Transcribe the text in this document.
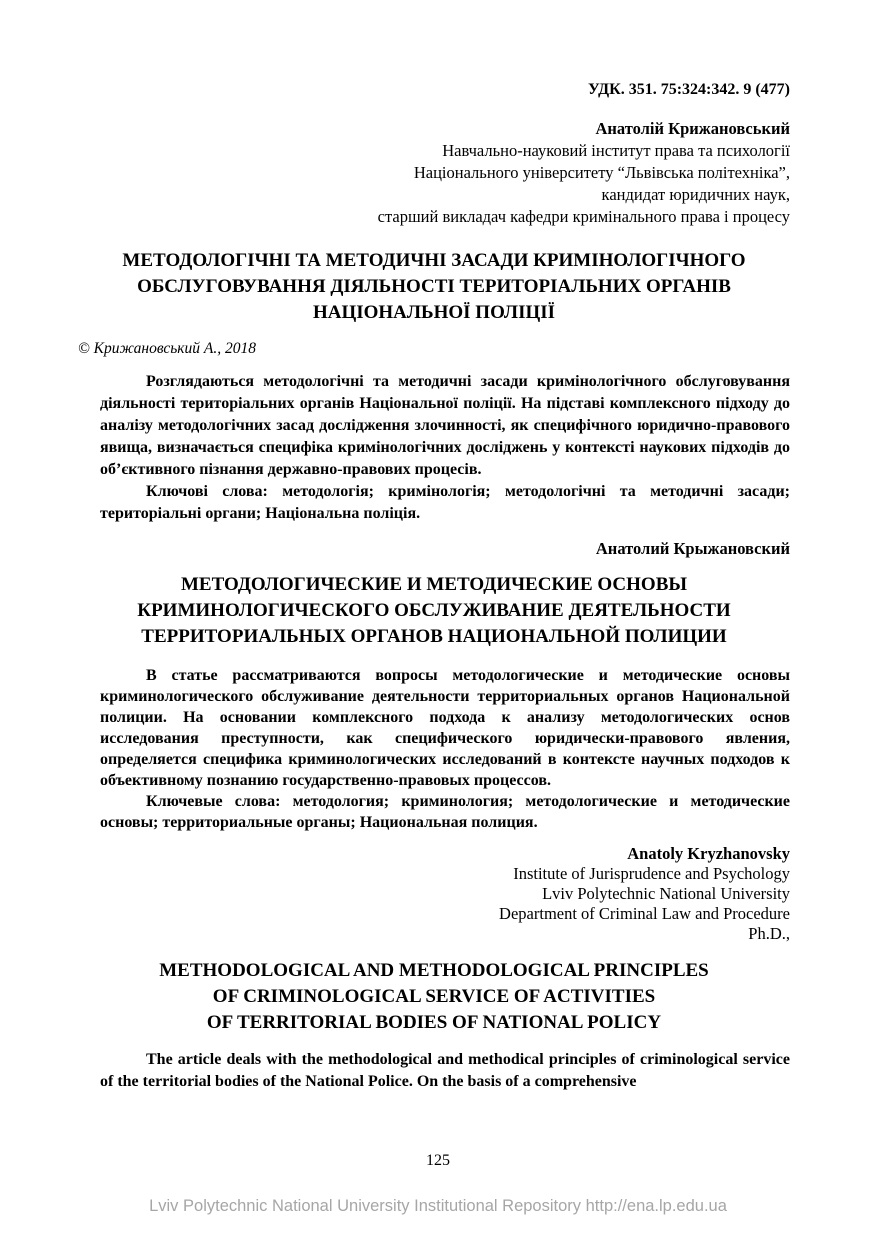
УДК. 351. 75:324:342. 9 (477)

Анатолій Крижановський
Навчально-науковий інститут права та психології
Національного університету “Львівська політехніка”,
кандидат юридичних наук,
старший викладач кафедри кримінального права і процесу
МЕТОДОЛОГІЧНІ ТА МЕТОДИЧНІ ЗАСАДИ КРИМІНОЛОГІЧНОГО
ОБСЛУГОВУВАННЯ ДІЯЛЬНОСТІ ТЕРИТОРІАЛЬНИХ ОРГАНІВ
НАЦІОНАЛЬНОЇ ПОЛІЦІЇ

© Крижановський А., 2018

Розглядаються методологічні та методичні засади кримінологічного обслуговування діяльності територіальних органів Національної поліції. На підставі комплексного підходу до аналізу методологічних засад дослідження злочинності, як специфічного юридично-правового явища, визначається специфіка кримінологічних досліджень у контексті наукових підходів до об’єктивного пізнання державно-правових процесів.

Ключові слова: методологія; кримінологія; методологічні та методичні засади; територіальні органи; Національна поліція.

Анатолий Крыжановский

МЕТОДОЛОГИЧЕСКИЕ И МЕТОДИЧЕСКИЕ ОСНОВЫ
КРИМИНОЛОГИЧЕСКОГО ОБСЛУЖИВАНИЕ ДЕЯТЕЛЬНОСТИ
ТЕРРИТОРИАЛЬНЫХ ОРГАНОВ НАЦИОНАЛЬНОЙ ПОЛИЦИИ

В статье рассматриваются вопросы методологические и методические основы криминологического обслуживание деятельности территориальных органов Национальной полиции. На основании комплексного подхода к анализу методологических основ исследования преступности, как специфического юридически-правового явления, определяется специфика криминологических исследований в контексте научных подходов к объективному познанию государственно-правовых процессов.

Ключевые слова: методология; криминология; методологические и методические основы; территориальные органы; Национальная полиция.

Anatoly Kryzhanovsky
Institute of Jurisprudence and Psychology
Lviv Polytechnic National University
Department of Criminal Law and Procedure
Ph.D.,
METHODOLOGICAL AND METHODOLOGICAL PRINCIPLES
OF CRIMINOLOGICAL SERVICE OF ACTIVITIES
OF TERRITORIAL BODIES OF NATIONAL POLICY

The article deals with the methodological and methodical principles of criminological service of the territorial bodies of the National Police. On the basis of a comprehensive

125

Lviv Polytechnic National University Institutional Repository http://ena.lp.edu.ua
